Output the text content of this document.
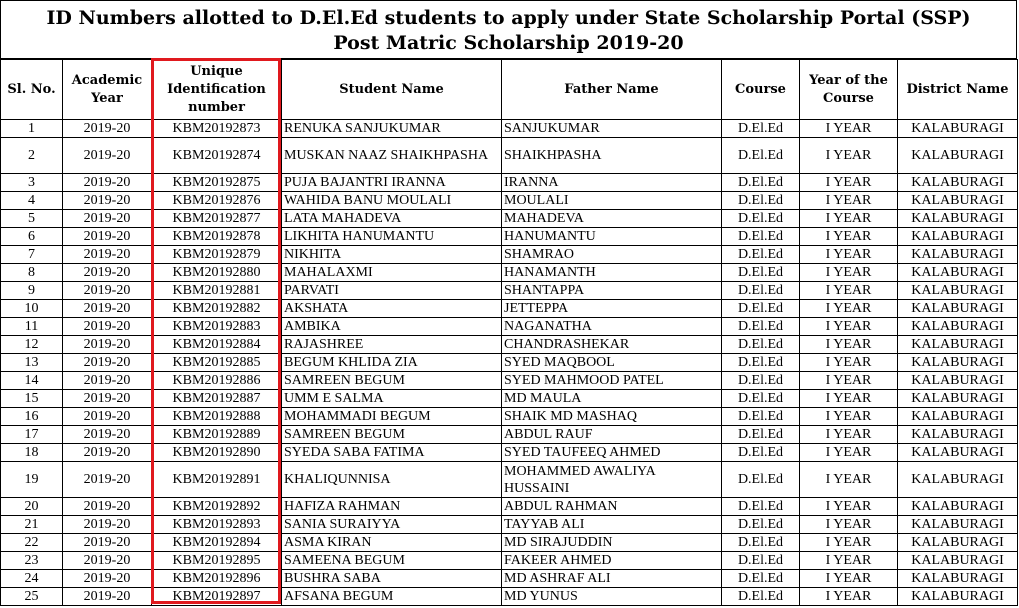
ID Numbers allotted to D.El.Ed students to apply under State Scholarship Portal (SSP)
Post Matric Scholarship 2019-20
Sl. No.	Academic Year	Unique Identification number	Student Name	Father Name	Course	Year of the Course	District Name
1	2019-20	KBM20192873	RENUKA SANJUKUMAR	SANJUKUMAR	D.El.Ed	I YEAR	KALABURAGI
2	2019-20	KBM20192874	MUSKAN NAAZ SHAIKHPASHA	SHAIKHPASHA	D.El.Ed	I YEAR	KALABURAGI
3	2019-20	KBM20192875	PUJA BAJANTRI IRANNA	IRANNA	D.El.Ed	I YEAR	KALABURAGI
4	2019-20	KBM20192876	WAHIDA BANU MOULALI	MOULALI	D.El.Ed	I YEAR	KALABURAGI
5	2019-20	KBM20192877	LATA MAHADEVA	MAHADEVA	D.El.Ed	I YEAR	KALABURAGI
6	2019-20	KBM20192878	LIKHITA HANUMANTU	HANUMANTU	D.El.Ed	I YEAR	KALABURAGI
7	2019-20	KBM20192879	NIKHITA	SHAMRAO	D.El.Ed	I YEAR	KALABURAGI
8	2019-20	KBM20192880	MAHALAXMI	HANAMANTH	D.El.Ed	I YEAR	KALABURAGI
9	2019-20	KBM20192881	PARVATI	SHANTAPPA	D.El.Ed	I YEAR	KALABURAGI
10	2019-20	KBM20192882	AKSHATA	JETTEPPA	D.El.Ed	I YEAR	KALABURAGI
11	2019-20	KBM20192883	AMBIKA	NAGANATHA	D.El.Ed	I YEAR	KALABURAGI
12	2019-20	KBM20192884	RAJASHREE	CHANDRASHEKAR	D.El.Ed	I YEAR	KALABURAGI
13	2019-20	KBM20192885	BEGUM KHLIDA ZIA	SYED MAQBOOL	D.El.Ed	I YEAR	KALABURAGI
14	2019-20	KBM20192886	SAMREEN BEGUM	SYED MAHMOOD PATEL	D.El.Ed	I YEAR	KALABURAGI
15	2019-20	KBM20192887	UMM E SALMA	MD MAULA	D.El.Ed	I YEAR	KALABURAGI
16	2019-20	KBM20192888	MOHAMMADI BEGUM	SHAIK MD MASHAQ	D.El.Ed	I YEAR	KALABURAGI
17	2019-20	KBM20192889	SAMREEN BEGUM	ABDUL RAUF	D.El.Ed	I YEAR	KALABURAGI
18	2019-20	KBM20192890	SYEDA SABA FATIMA	SYED TAUFEEQ AHMED	D.El.Ed	I YEAR	KALABURAGI
19	2019-20	KBM20192891	KHALIQUNNISA	MOHAMMED AWALIYA HUSSAINI	D.El.Ed	I YEAR	KALABURAGI
20	2019-20	KBM20192892	HAFIZA RAHMAN	ABDUL RAHMAN	D.El.Ed	I YEAR	KALABURAGI
21	2019-20	KBM20192893	SANIA SURAIYYA	TAYYAB ALI	D.El.Ed	I YEAR	KALABURAGI
22	2019-20	KBM20192894	ASMA KIRAN	MD SIRAJUDDIN	D.El.Ed	I YEAR	KALABURAGI
23	2019-20	KBM20192895	SAMEENA BEGUM	FAKEER AHMED	D.El.Ed	I YEAR	KALABURAGI
24	2019-20	KBM20192896	BUSHRA SABA	MD ASHRAF ALI	D.El.Ed	I YEAR	KALABURAGI
25	2019-20	KBM20192897	AFSANA BEGUM	MD YUNUS	D.El.Ed	I YEAR	KALABURAGI
